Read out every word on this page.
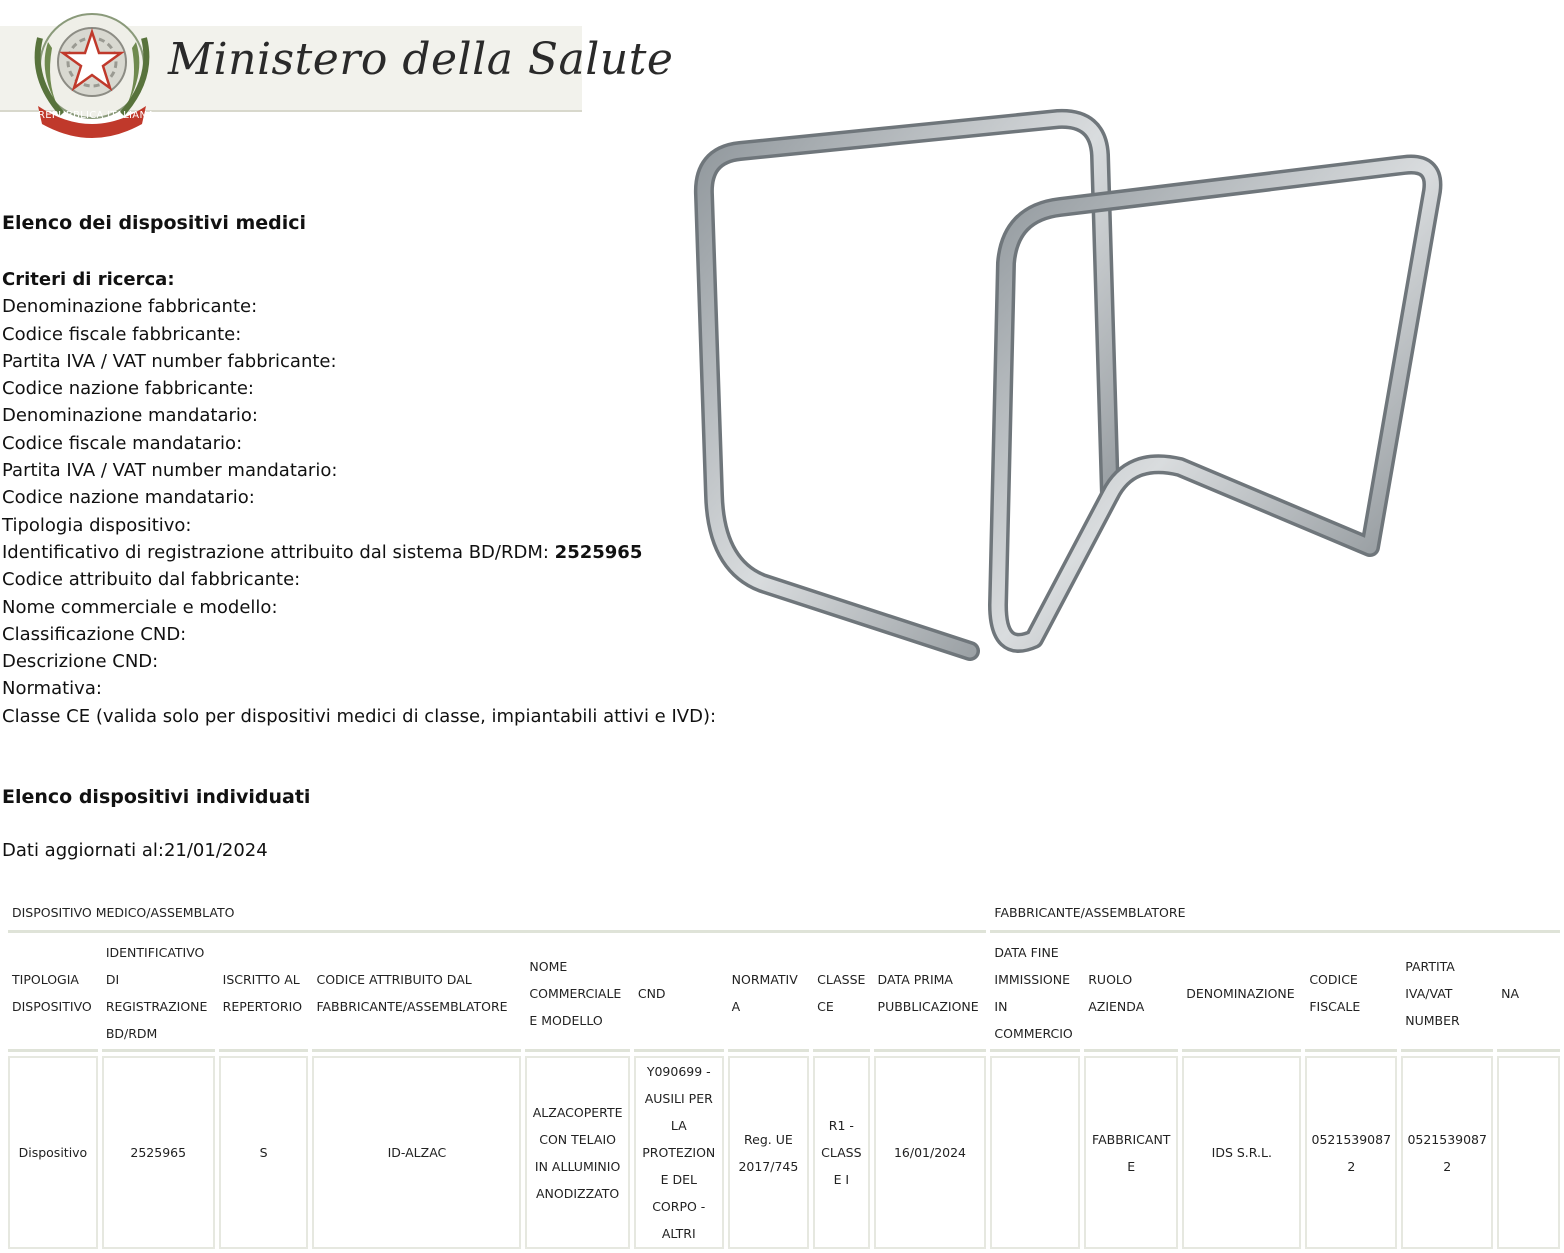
REPUBBLICA ITALIANA
Ministero della Salute
Elenco dei dispositivi medici
Criteri di ricerca:
Denominazione fabbricante:
Codice fiscale fabbricante:
Partita IVA / VAT number fabbricante:
Codice nazione fabbricante:
Denominazione mandatario:
Codice fiscale mandatario:
Partita IVA / VAT number mandatario:
Codice nazione mandatario:
Tipologia dispositivo:
Identificativo di registrazione attribuito dal sistema BD/RDM: 2525965
Codice attribuito dal fabbricante:
Nome commerciale e modello:
Classificazione CND:
Descrizione CND:
Normativa:
Classe CE (valida solo per dispositivi medici di classe, impiantabili attivi e IVD):
Elenco dispositivi individuati
Dati aggiornati al:21/01/2024
DISPOSITIVO MEDICO/ASSEMBLATO									FABBRICANTE/ASSEMBLATORE					
TIPOLOGIA DISPOSITIVO	IDENTIFICATIVO DI REGISTRAZIONE BD/RDM	ISCRITTO AL REPERTORIO	CODICE ATTRIBUITO DAL FABBRICANTE/ASSEMBLATORE	NOME COMMERCIALE E MODELLO	CND	NORMATIVA	CLASSE CE	DATA PRIMA PUBBLICAZIONE	DATA FINE IMMISSIONE IN COMMERCIO	RUOLO AZIENDA	DENOMINAZIONE	CODICE FISCALE	PARTITA IVA/VAT NUMBER	NA
Dispositivo	2525965	S	ID-ALZAC	ALZACOPERTE CON TELAIO IN ALLUMINIO ANODIZZATO	Y090699 - AUSILI PER LA PROTEZIONE DEL CORPO - ALTRI	Reg. UE 2017/745	R1 - CLASSE I	16/01/2024		FABBRICANTE	IDS S.R.L.	05215390872	05215390872	
